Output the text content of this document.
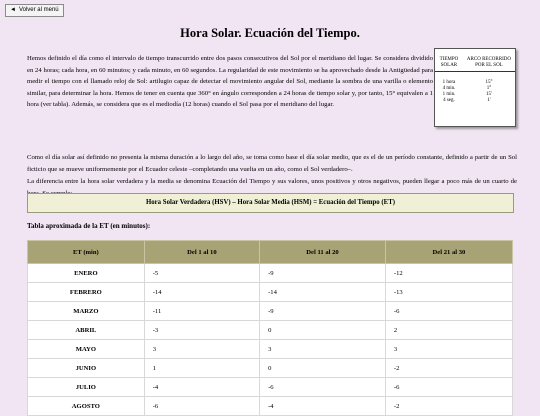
◄ Volver al menú
Hora Solar. Ecuación del Tiempo.
Hemos definido el día como el intervalo de tiempo transcurrido entre dos pasos consecutivos del Sol por el meridiano del lugar. Se considera dividido en 24 horas; cada hora, en 60 minutos; y cada minuto, en 60 segundos. La regularidad de este movimiento se ha aprovechado desde la Antigüedad para medir el tiempo con el llamado reloj de Sol: artilugio capaz de detectar el movimiento angular del Sol, mediante la sombra de una varilla o elemento similar, para determinar la hora. Hemos de tener en cuenta que 360° en ángulo corresponden a 24 horas de tiempo solar y, por tanto, 15° equivalen a 1 hora (ver tabla). Además, se considera que es el mediodía (12 horas) cuando el Sol pasa por el meridiano del lugar.
TIEMPO SOLAR	ARCO RECORRIDO POR EL SOL
1 hora	15°
4 min.	1°
1 min.	15'
4 seg.	1'
Como el día solar así definido no presenta la misma duración a lo largo del año, se toma como base el día solar medio, que es el de un período constante, definido a partir de un Sol ficticio que se mueve uniformemente por el Ecuador celeste –completando una vuelta en un año, como el Sol verdadero–.
La diferencia entre la hora solar verdadera y la media se denomina Ecuación del Tiempo y sus valores, unos positivos y otros negativos, pueden llegar a poco más de un cuarto de
Hora Solar Verdadera (HSV) – Hora Solar Media (HSM) = Ecuación del Tiempo (ET)
Tabla aproximada de la ET (en minutos):
ET (min)	Del 1 al 10	Del 11 al 20	Del 21 al 30
ENERO	-5	-9	-12
FEBRERO	-14	-14	-13
MARZO	-11	-9	-6
ABRIL	-3	0	2
MAYO	3	3	3
JUNIO	1	0	-2
JULIO	-4	-6	-6
AGOSTO	-6	-4	-2
